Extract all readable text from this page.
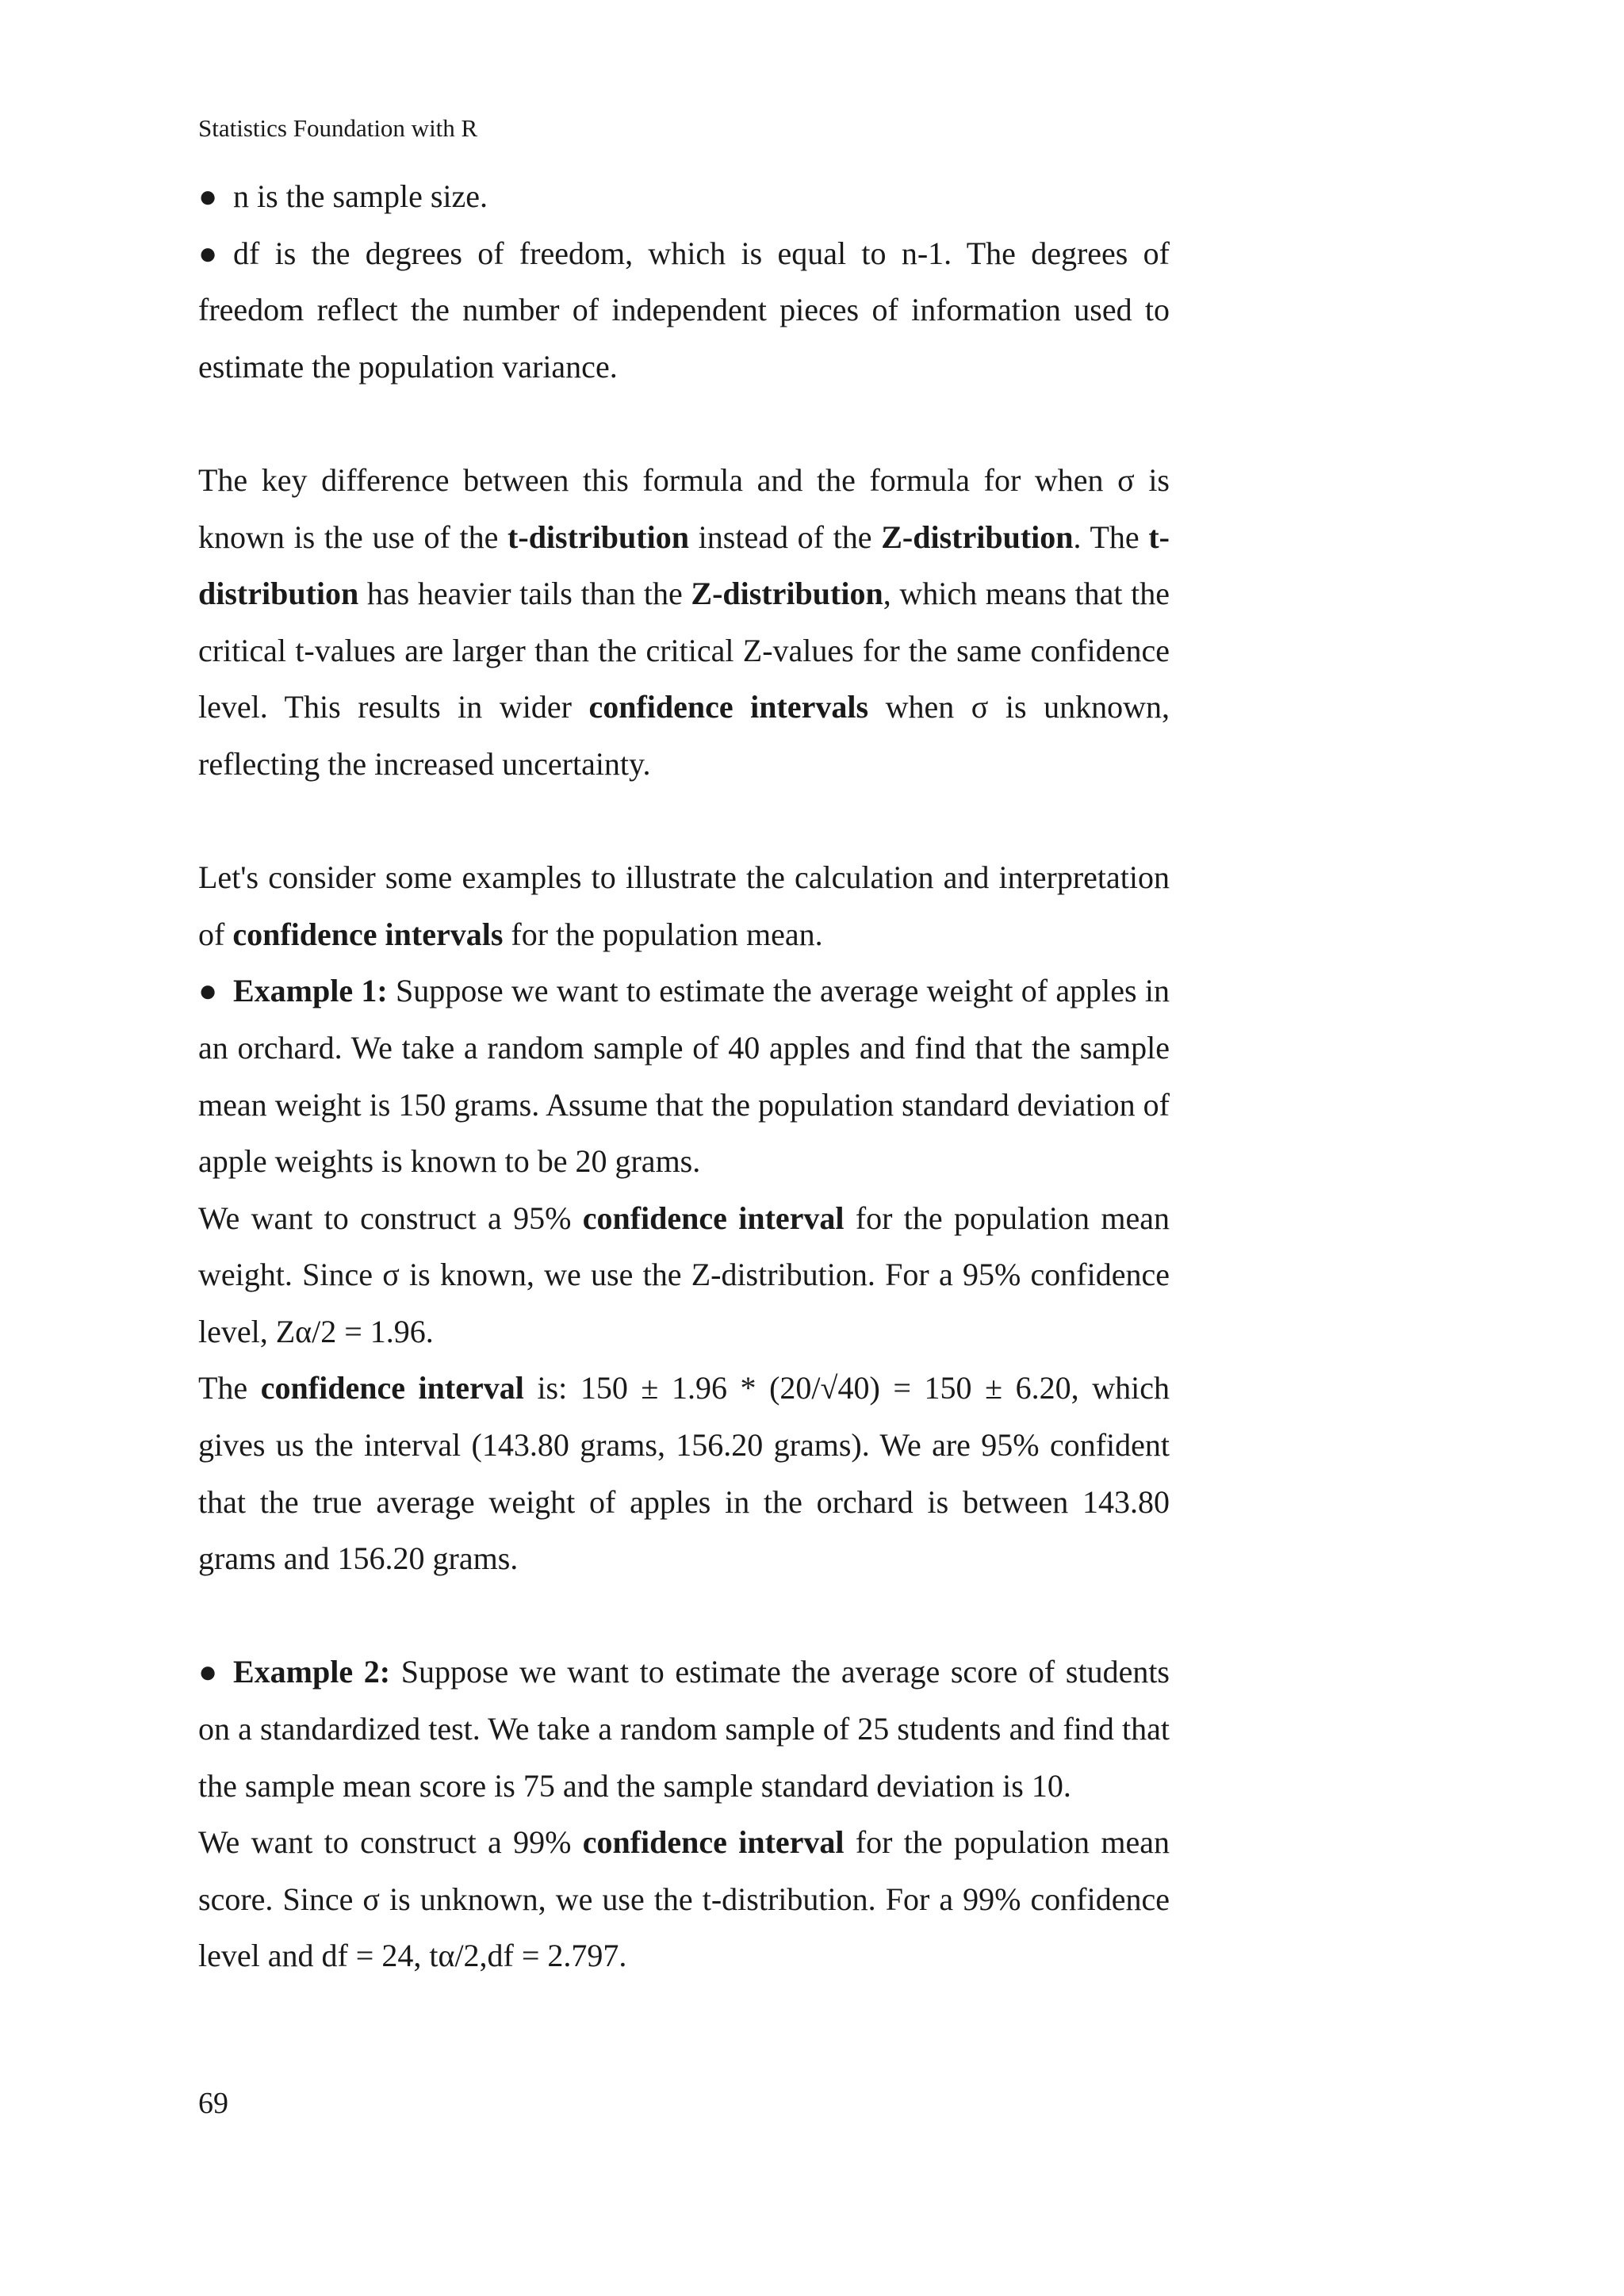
Statistics Foundation with R

● n is the sample size.

● df is the degrees of freedom, which is equal to n-1. The degrees of freedom reflect the number of independent pieces of information used to estimate the population variance.

The key difference between this formula and the formula for when σ is known is the use of the t-distribution instead of the Z-distribution. The t-distribution has heavier tails than the Z-distribution, which means that the critical t-values are larger than the critical Z-values for the same confidence level. This results in wider confidence intervals when σ is unknown, reflecting the increased uncertainty.

Let's consider some examples to illustrate the calculation and interpretation of confidence intervals for the population mean.

● Example 1: Suppose we want to estimate the average weight of apples in an orchard. We take a random sample of 40 apples and find that the sample mean weight is 150 grams. Assume that the population standard deviation of apple weights is known to be 20 grams.

We want to construct a 95% confidence interval for the population mean weight. Since σ is known, we use the Z-distribution. For a 95% confidence level, Zα/2 = 1.96.

The confidence interval is: 150 ± 1.96 * (20/√40) = 150 ± 6.20, which gives us the interval (143.80 grams, 156.20 grams). We are 95% confident that the true average weight of apples in the orchard is between 143.80 grams and 156.20 grams.

● Example 2: Suppose we want to estimate the average score of students on a standardized test. We take a random sample of 25 students and find that the sample mean score is 75 and the sample standard deviation is 10.

We want to construct a 99% confidence interval for the population mean score. Since σ is unknown, we use the t-distribution. For a 99% confidence level and df = 24, tα/2,df = 2.797.

69
